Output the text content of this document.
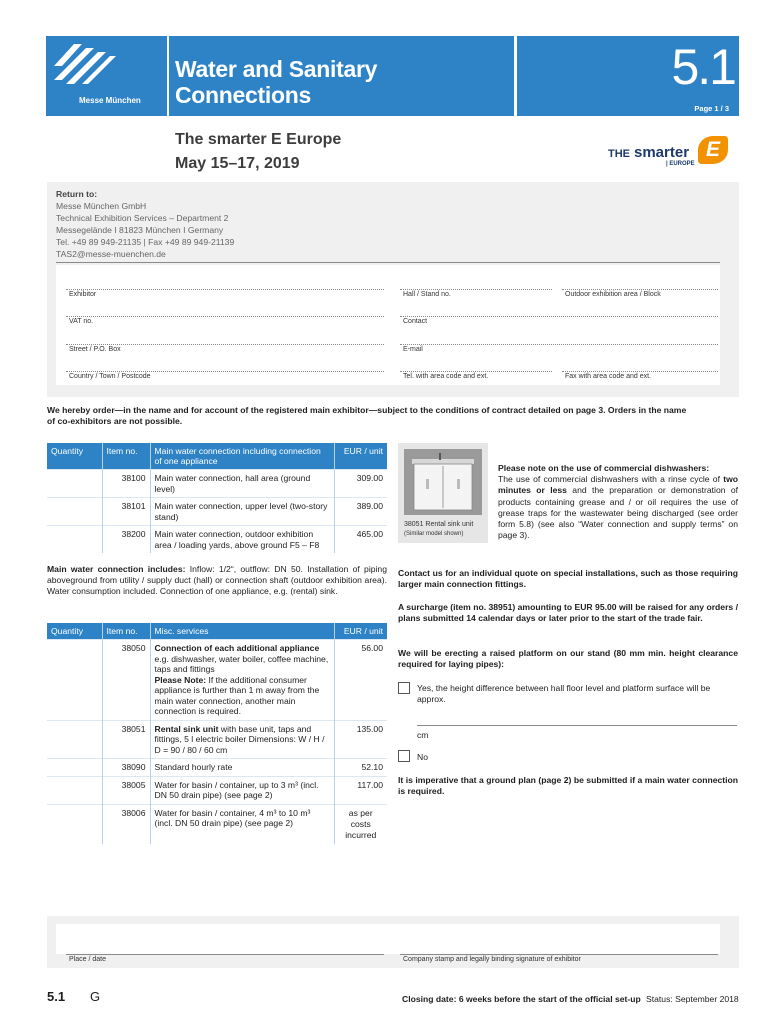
Messe München
Water and Sanitary
Connections	5.1
Page 1 / 3
The smarter E Europe
May 15–17, 2019
THE smarter E
| EUROPE
Return to:
Messe München GmbH
Technical Exhibition Services – Department 2
Messegelände I 81823 München I Germany
Tel. +49 89 949-21135 | Fax +49 89 949-21139
TAS2@messe-muenchen.de
Exhibitor	Hall / Stand no.	Outdoor exhibition area / Block
VAT no.	Contact
Street / P.O. Box	E-mail
Country / Town / Postcode	Tel. with area code and ext.	Fax with area code and ext.
We hereby order—in the name and for account of the registered main exhibitor—subject to the conditions of contract detailed on page 3. Orders in the name of co-exhibitors are not possible.
Quantity	Item no.	Main water connection including connection of one appliance	EUR / unit
	38100	Main water connection, hall area (ground level)	309.00
	38101	Main water connection, upper level (two-story stand)	389.00
	38200	Main water connection, outdoor exhibition area / loading yards, above ground F5 – F8	465.00
Main water connection includes: Inflow: 1/2“, outflow: DN 50. Installation of piping aboveground from utility / supply duct (hall) or connection shaft (outdoor exhibition area). Water consumption included. Connection of one appliance, e.g. (rental) sink.
Quantity	Item no.	Misc. services	EUR / unit
	38050	Connection of each additional appliance
e.g. dishwasher, water boiler, coffee machine, taps and fittings
Please Note: If the additional consumer appliance is further than 1 m away from the main water connection, another main connection is required.	56.00
	38051	Rental sink unit with base unit, taps and fittings, 5 l electric boiler Dimensions: W / H / D = 90 / 80 / 60 cm	135.00
	38090	Standard hourly rate	52.10
	38005	Water for basin / container, up to 3 m³ (incl. DN 50 drain pipe) (see page 2)	117.00
	38006	Water for basin / container, 4 m³ to 10 m³ (incl. DN 50 drain pipe) (see page 2)	as per
costs
incurred
38051 Rental sink unit
(Similar model shown)
Please note on the use of commercial dishwashers:
The use of commercial dishwashers with a rinse cycle of two minutes or less and the preparation or demonstration of products containing grease and / or oil requires the use of grease traps for the wastewater being discharged (see order form 5.8) (see also “Water connection and supply terms” on page 3).
Contact us for an individual quote on special installations, such as those requiring larger main connection fittings.
A surcharge (item no. 38951) amounting to EUR 95.00 will be raised for any orders / plans submitted 14 calendar days or later prior to the start of the trade fair.
We will be erecting a raised platform on our stand (80 mm min. height clearance required for laying pipes):
Yes, the height difference between hall floor level and platform surface will be approx.
cm
No
It is imperative that a ground plan (page 2) be submitted if a main water connection is required.
Place / date	Company stamp and legally binding signature of exhibitor
5.1 G	Closing date: 6 weeks before the start of the official set-up Status: September 2018
